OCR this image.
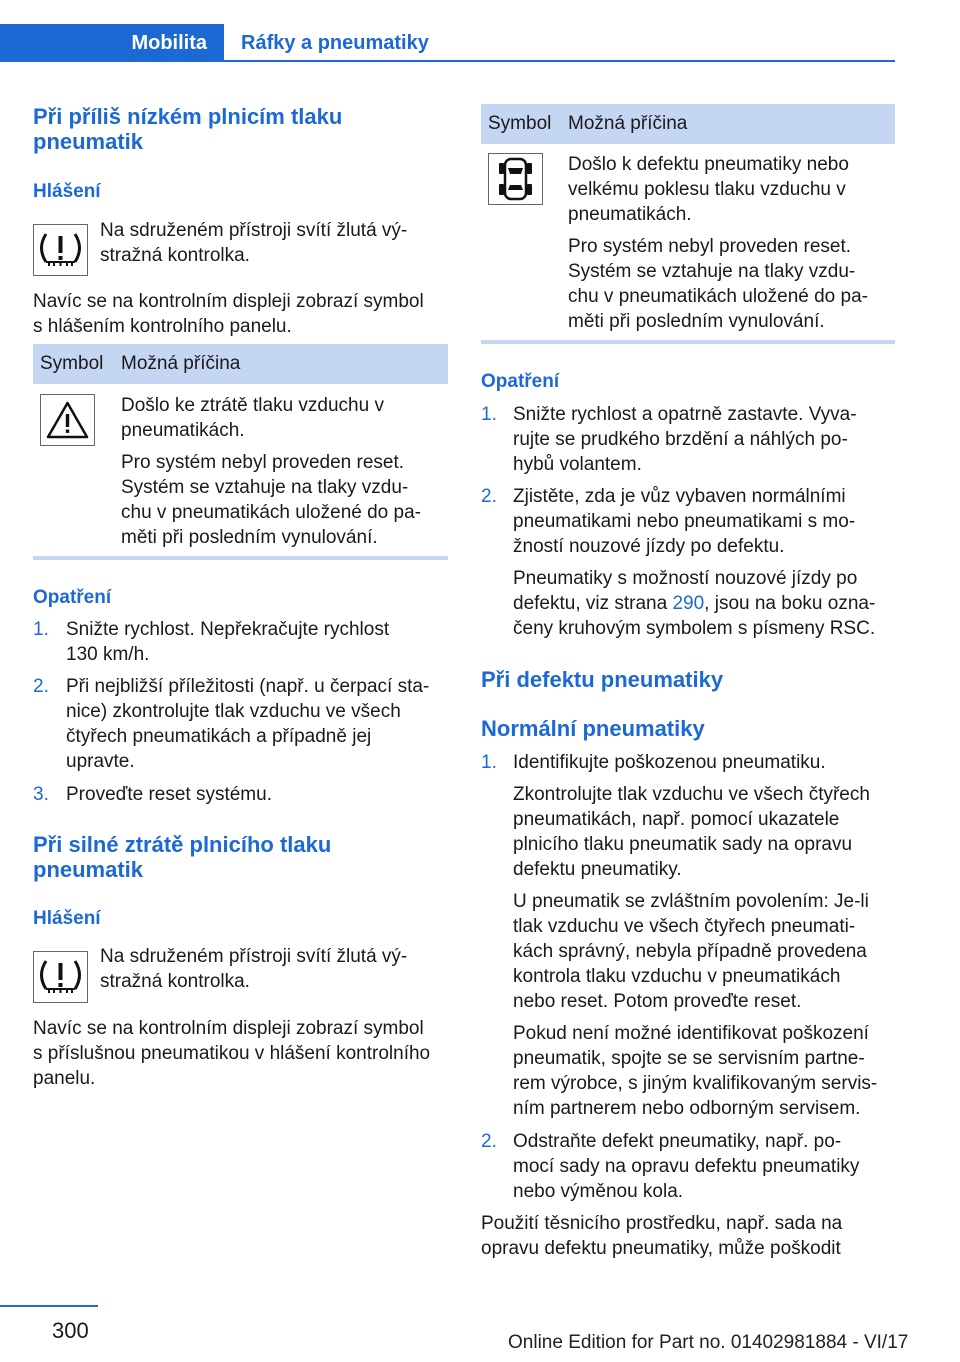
Mobilita	Ráfky a pneumatiky
Při příliš nízkém plnicím tlaku
pneumatik
Hlášení
Na sdruženém přístroji svítí žlutá vý-
stražná kontrolka.
Navíc se na kontrolním displeji zobrazí symbol
s hlášením kontrolního panelu.
Symbol Možná příčina
Došlo ke ztrátě tlaku vzduchu v
pneumatikách.
Pro systém nebyl proveden reset.
Systém se vztahuje na tlaky vzdu-
chu v pneumatikách uložené do pa-
měti při posledním vynulování.
Opatření
1. Snižte rychlost. Nepřekračujte rychlost
130 km/h.
2. Při nejbližší příležitosti (např. u čerpací sta-
nice) zkontrolujte tlak vzduchu ve všech
čtyřech pneumatikách a případně jej
upravte.
3. Proveďte reset systému.
Při silné ztrátě plnicího tlaku
pneumatik
Hlášení
Na sdruženém přístroji svítí žlutá vý-
stražná kontrolka.
Navíc se na kontrolním displeji zobrazí symbol
s příslušnou pneumatikou v hlášení kontrolního
panelu.
Symbol Možná příčina
Došlo k defektu pneumatiky nebo
velkému poklesu tlaku vzduchu v
pneumatikách.
Pro systém nebyl proveden reset.
Systém se vztahuje na tlaky vzdu-
chu v pneumatikách uložené do pa-
měti při posledním vynulování.
Opatření
1. Snižte rychlost a opatrně zastavte. Vyva-
rujte se prudkého brzdění a náhlých po-
hybů volantem.
2. Zjistěte, zda je vůz vybaven normálními
pneumatikami nebo pneumatikami s mo-
žností nouzové jízdy po defektu.
Pneumatiky s možností nouzové jízdy po
defektu, viz strana 290, jsou na boku ozna-
čeny kruhovým symbolem s písmeny RSC.
Při defektu pneumatiky
Normální pneumatiky
1. Identifikujte poškozenou pneumatiku.
Zkontrolujte tlak vzduchu ve všech čtyřech
pneumatikách, např. pomocí ukazatele
plnicího tlaku pneumatik sady na opravu
defektu pneumatiky.
U pneumatik se zvláštním povolením: Je-li
tlak vzduchu ve všech čtyřech pneumati-
kách správný, nebyla případně provedena
kontrola tlaku vzduchu v pneumatikách
nebo reset. Potom proveďte reset.
Pokud není možné identifikovat poškození
pneumatik, spojte se se servisním partne-
rem výrobce, s jiným kvalifikovaným servis-
ním partnerem nebo odborným servisem.
2. Odstraňte defekt pneumatiky, např. po-
mocí sady na opravu defektu pneumatiky
nebo výměnou kola.
Použití těsnicího prostředku, např. sada na
opravu defektu pneumatiky, může poškodit
300	Online Edition for Part no. 01402981884 - VI/17
